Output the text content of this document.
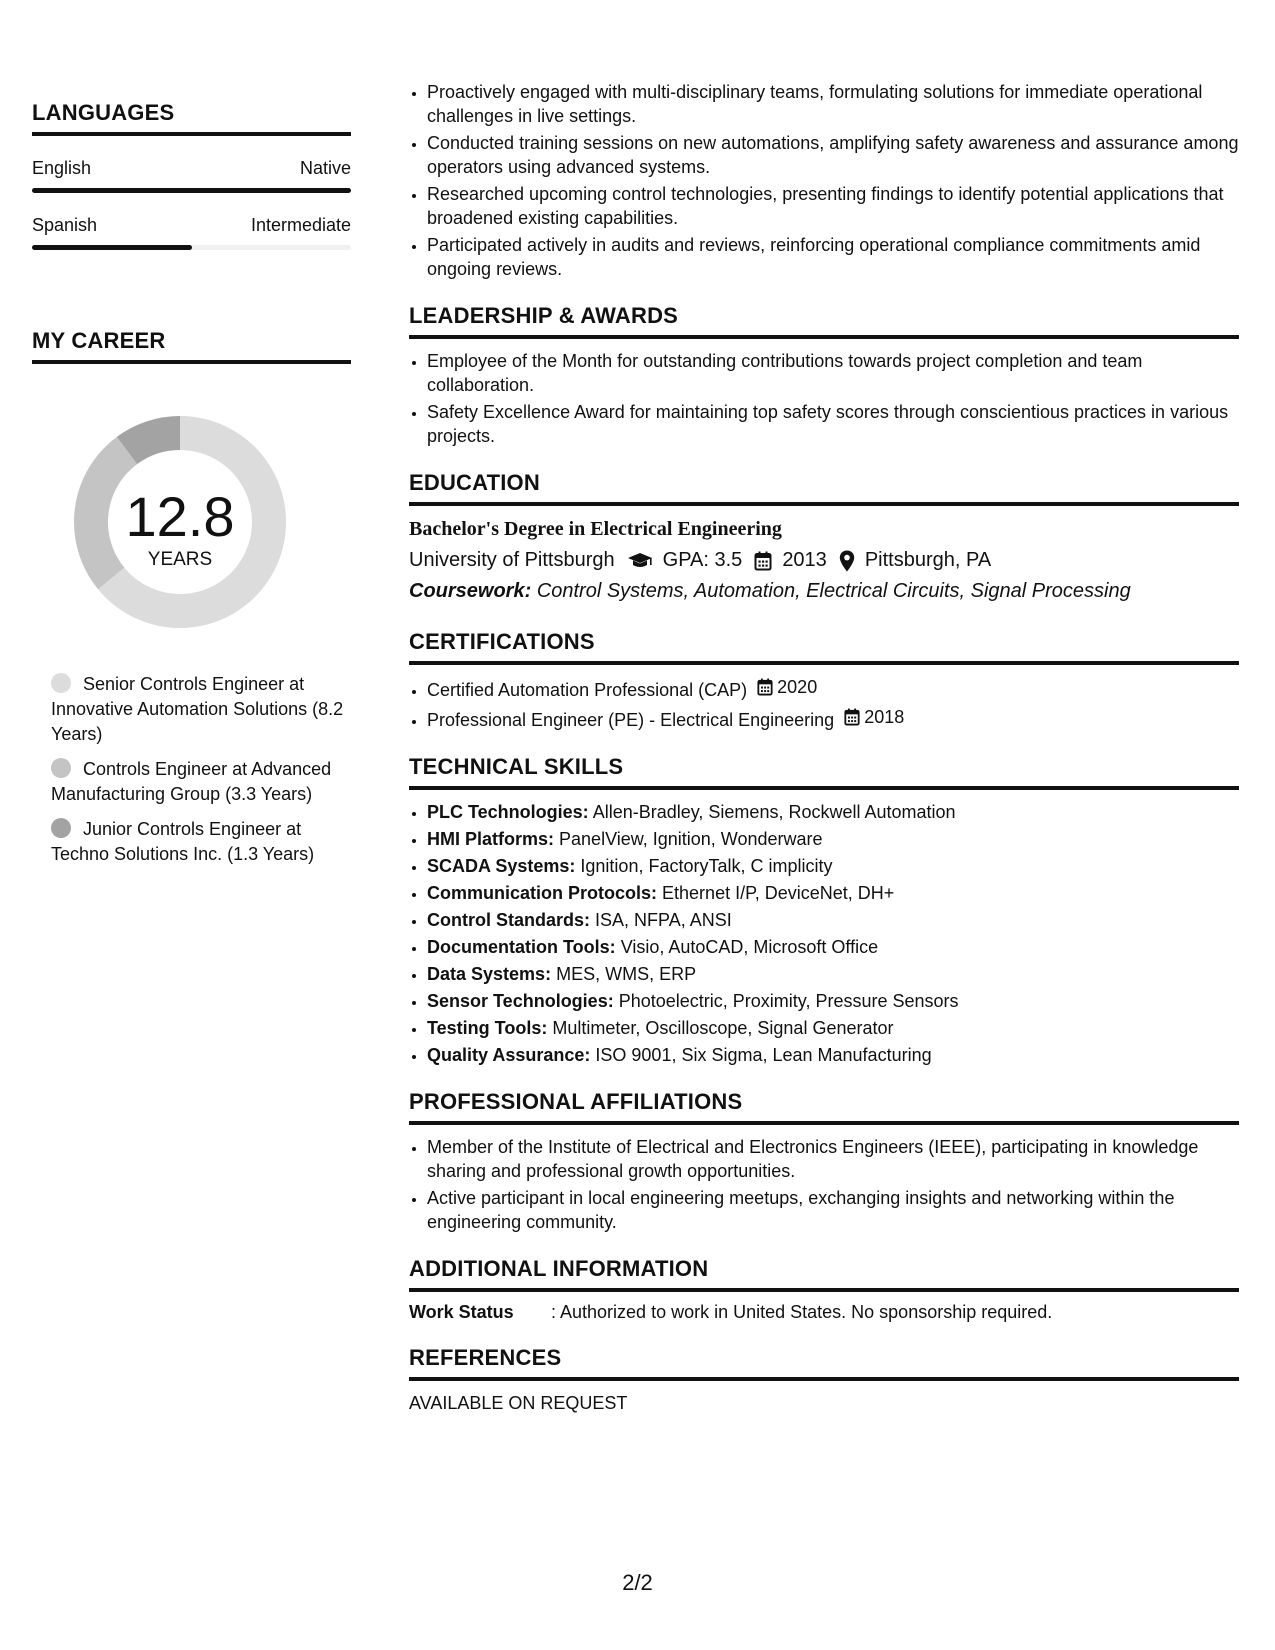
LANGUAGES
English	Native
Spanish	Intermediate
MY CAREER
12.8
YEARS
Senior Controls Engineer at Innovative Automation Solutions (8.2 Years)
Controls Engineer at Advanced Manufacturing Group (3.3 Years)
Junior Controls Engineer at Techno Solutions Inc. (1.3 Years)
• Proactively engaged with multi-disciplinary teams, formulating solutions for immediate operational challenges in live settings.
• Conducted training sessions on new automations, amplifying safety awareness and assurance among operators using advanced systems.
• Researched upcoming control technologies, presenting findings to identify potential applications that broadened existing capabilities.
• Participated actively in audits and reviews, reinforcing operational compliance commitments amid ongoing reviews.
LEADERSHIP & AWARDS
• Employee of the Month for outstanding contributions towards project completion and team collaboration.
• Safety Excellence Award for maintaining top safety scores through conscientious practices in various projects.
EDUCATION
Bachelor's Degree in Electrical Engineering
University of Pittsburgh GPA: 3.5 2013 Pittsburgh, PA
Coursework: Control Systems, Automation, Electrical Circuits, Signal Processing
CERTIFICATIONS
• Certified Automation Professional (CAP) 2020
• Professional Engineer (PE) - Electrical Engineering 2018
TECHNICAL SKILLS
• PLC Technologies: Allen-Bradley, Siemens, Rockwell Automation
• HMI Platforms: PanelView, Ignition, Wonderware
• SCADA Systems: Ignition, FactoryTalk, C implicity
• Communication Protocols: Ethernet I/P, DeviceNet, DH+
• Control Standards: ISA, NFPA, ANSI
• Documentation Tools: Visio, AutoCAD, Microsoft Office
• Data Systems: MES, WMS, ERP
• Sensor Technologies: Photoelectric, Proximity, Pressure Sensors
• Testing Tools: Multimeter, Oscilloscope, Signal Generator
• Quality Assurance: ISO 9001, Six Sigma, Lean Manufacturing
PROFESSIONAL AFFILIATIONS
• Member of the Institute of Electrical and Electronics Engineers (IEEE), participating in knowledge sharing and professional growth opportunities.
• Active participant in local engineering meetups, exchanging insights and networking within the engineering community.
ADDITIONAL INFORMATION
Work Status	: Authorized to work in United States. No sponsorship required.
REFERENCES
AVAILABLE ON REQUEST
2/2
